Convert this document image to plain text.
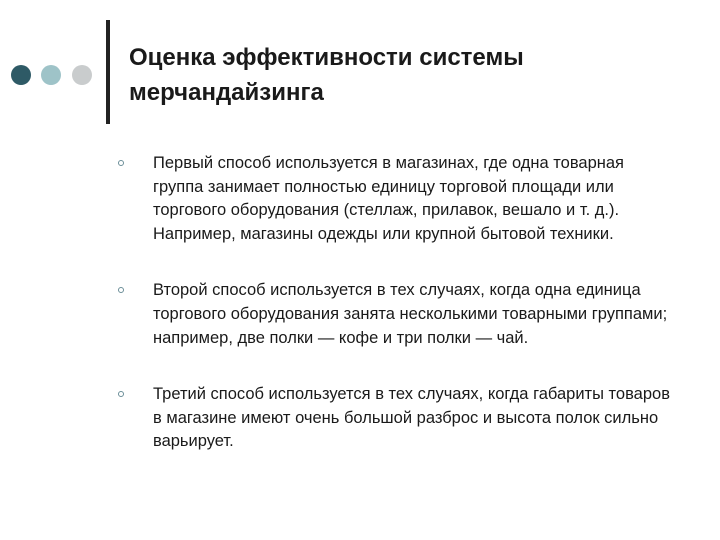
Оценка эффективности системы мерчандайзинга
Первый способ используется в магазинах, где одна товарная группа занимает полностью единицу торговой площади или торгового оборудования (стеллаж, прилавок, вешало и т. д.). Например, магазины одежды или крупной бытовой техники.
Второй способ используется в тех случаях, когда одна единица торгового оборудования занята несколькими товарными группами; например, две полки — кофе и три полки — чай.
Третий способ используется в тех случаях, когда габариты товаров в магазине имеют очень большой разброс и высота полок сильно варьирует.
